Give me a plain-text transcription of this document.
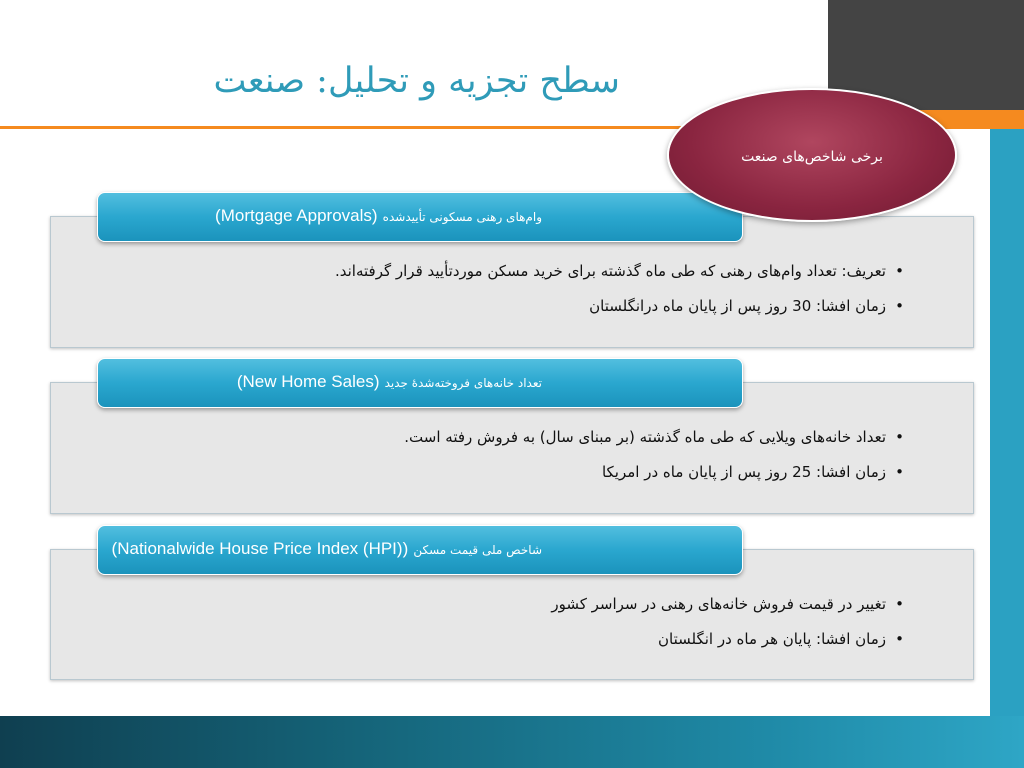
سطح تجزیه و تحلیل: صنعت
برخی شاخص‌های صنعت
وام‌های رهنی مسکونی تأییدشده (Mortgage Approvals)
• تعریف: تعداد وام‌های رهنی که طی ماه گذشته برای خرید مسکن موردتأیید قرار گرفته‌اند.
• زمان افشا: 30 روز پس از پایان ماه درانگلستان
تعداد خانه‌های فروخته‌شدۀ جدید (New Home Sales)
• تعداد خانه‌های ویلایی که طی ماه گذشته (بر مبنای سال) به فروش رفته است.
• زمان افشا: 25 روز پس از پایان ماه در امریکا
شاخص ملی قیمت مسکن (Nationalwide House Price Index (HPI))
• تغییر در قیمت فروش خانه‌های رهنی در سراسر کشور
• زمان افشا: پایان هر ماه در انگلستان
